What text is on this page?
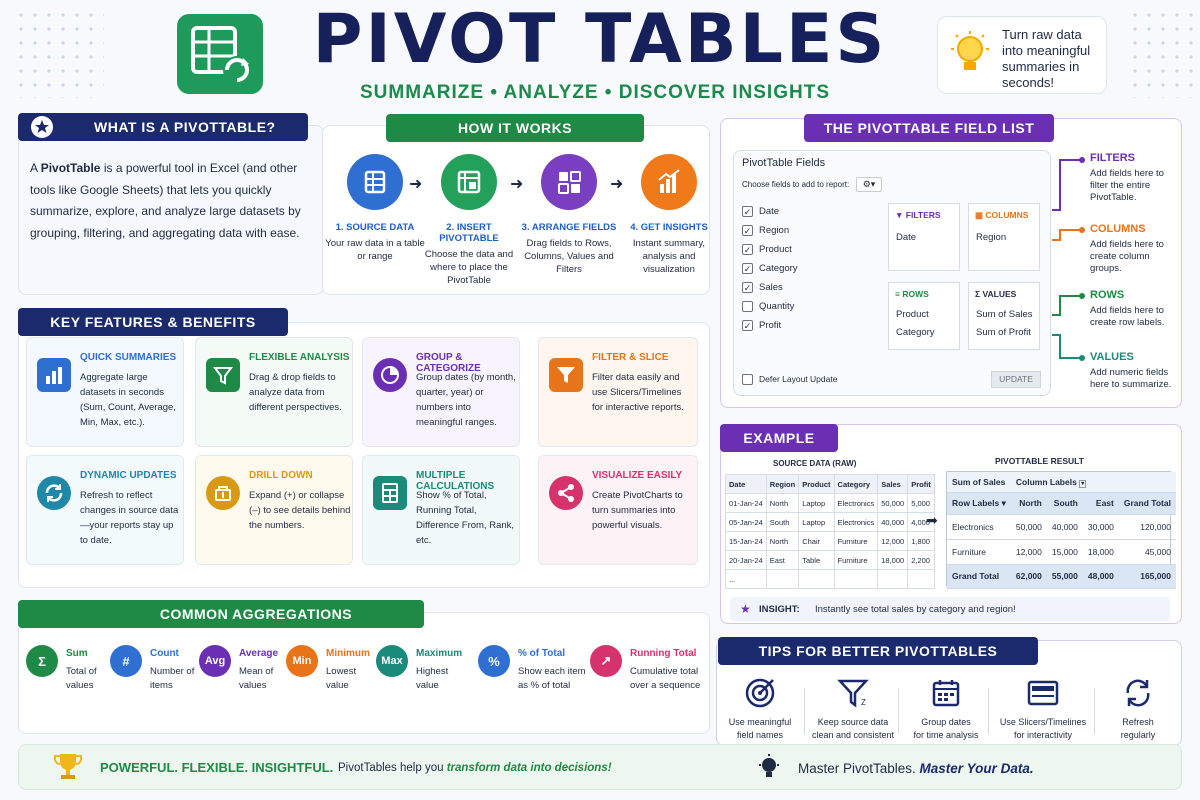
PIVOT TABLES
SUMMARIZE • ANALYZE • DISCOVER INSIGHTS
Turn raw data into meaningful summaries in seconds!
WHAT IS A PIVOTTABLE?
A PivotTable is a powerful tool in Excel (and other tools like Google Sheets) that lets you quickly summarize, explore, and analyze large datasets by grouping, filtering, and aggregating data with ease.
HOW IT WORKS
1. SOURCE DATA
Your raw data in a table or range
2. INSERT PIVOTTABLE
Choose the data and where to place the PivotTable
3. ARRANGE FIELDS
Drag fields to Rows, Columns, Values and Filters
4. GET INSIGHTS
Instant summary, analysis and visualization
➜	➜	➜
KEY FEATURES & BENEFITS
QUICK SUMMARIES
Aggregate large datasets in seconds (Sum, Count, Average, Min, Max, etc.).
FLEXIBLE ANALYSIS
Drag & drop fields to analyze data from different perspectives.
GROUP & CATEGORIZE
Group dates (by month, quarter, year) or numbers into meaningful ranges.
FILTER & SLICE
Filter data easily and use Slicers/Timelines for interactive reports.
DYNAMIC UPDATES
Refresh to reflect changes in source data—your reports stay up to date.
DRILL DOWN
Expand (+) or collapse (–) to see details behind the numbers.
MULTIPLE CALCULATIONS
Show % of Total, Running Total, Difference From, Rank, etc.
VISUALIZE EASILY
Create PivotCharts to turn summaries into powerful visuals.
COMMON AGGREGATIONS
Σ	Sum
Total of
values
#	Count
Number of
items
Avg
Average
Mean of
values
Min
Minimum
Lowest
value
Max
Maximum
Highest
value
%	% of Total
Show each item
as % of total
↗	Running Total
Cumulative total
over a sequence
THE PIVOTTABLE FIELD LIST
PivotTable Fields
Choose fields to add to report:	⚙▾
✓ Date
✓ Region
✓ Product
✓ Category
✓ Sales
Quantity
✓ Profit
▼ FILTERS
Date
▦ COLUMNS
Region
≡ ROWS
Product
Category
Σ VALUES
Sum of Sales
Sum of Profit
Defer Layout Update	UPDATE
FILTERS
Add fields here to filter the entire PivotTable.
COLUMNS
Add fields here to create column groups.
ROWS
Add fields here to create row labels.
VALUES
Add numeric fields here to summarize.
EXAMPLE
SOURCE DATA (RAW)
Date	Region	Product	Category	Sales	Profit
01-Jan-24	North	Laptop	Electronics	50,000	5,000
05-Jan-24	South	Laptop	Electronics	40,000	4,000
15-Jan-24	North	Chair	Furniture	12,000	1,800
20-Jan-24	East	Table	Furniture	18,000	2,200
...					
➡
PIVOTTABLE RESULT
Sum of Sales	Column Labels ▾			
Row Labels ▾	North	South	East	Grand Total
Electronics	50,000	40,000	30,000	120,000
Furniture	12,000	15,000	18,000	45,000
Grand Total	62,000	55,000	48,000	165,000
★ INSIGHT: Instantly see total sales by category and region!
TIPS FOR BETTER PIVOTTABLES
Use meaningful
field names
Z
Keep source data
clean and consistent
Group dates
for time analysis
Use Slicers/Timelines
for interactivity
Refresh
regularly
POWERFUL. FLEXIBLE. INSIGHTFUL. PivotTables help you transform data into decisions!	Master PivotTables. Master Your Data.
